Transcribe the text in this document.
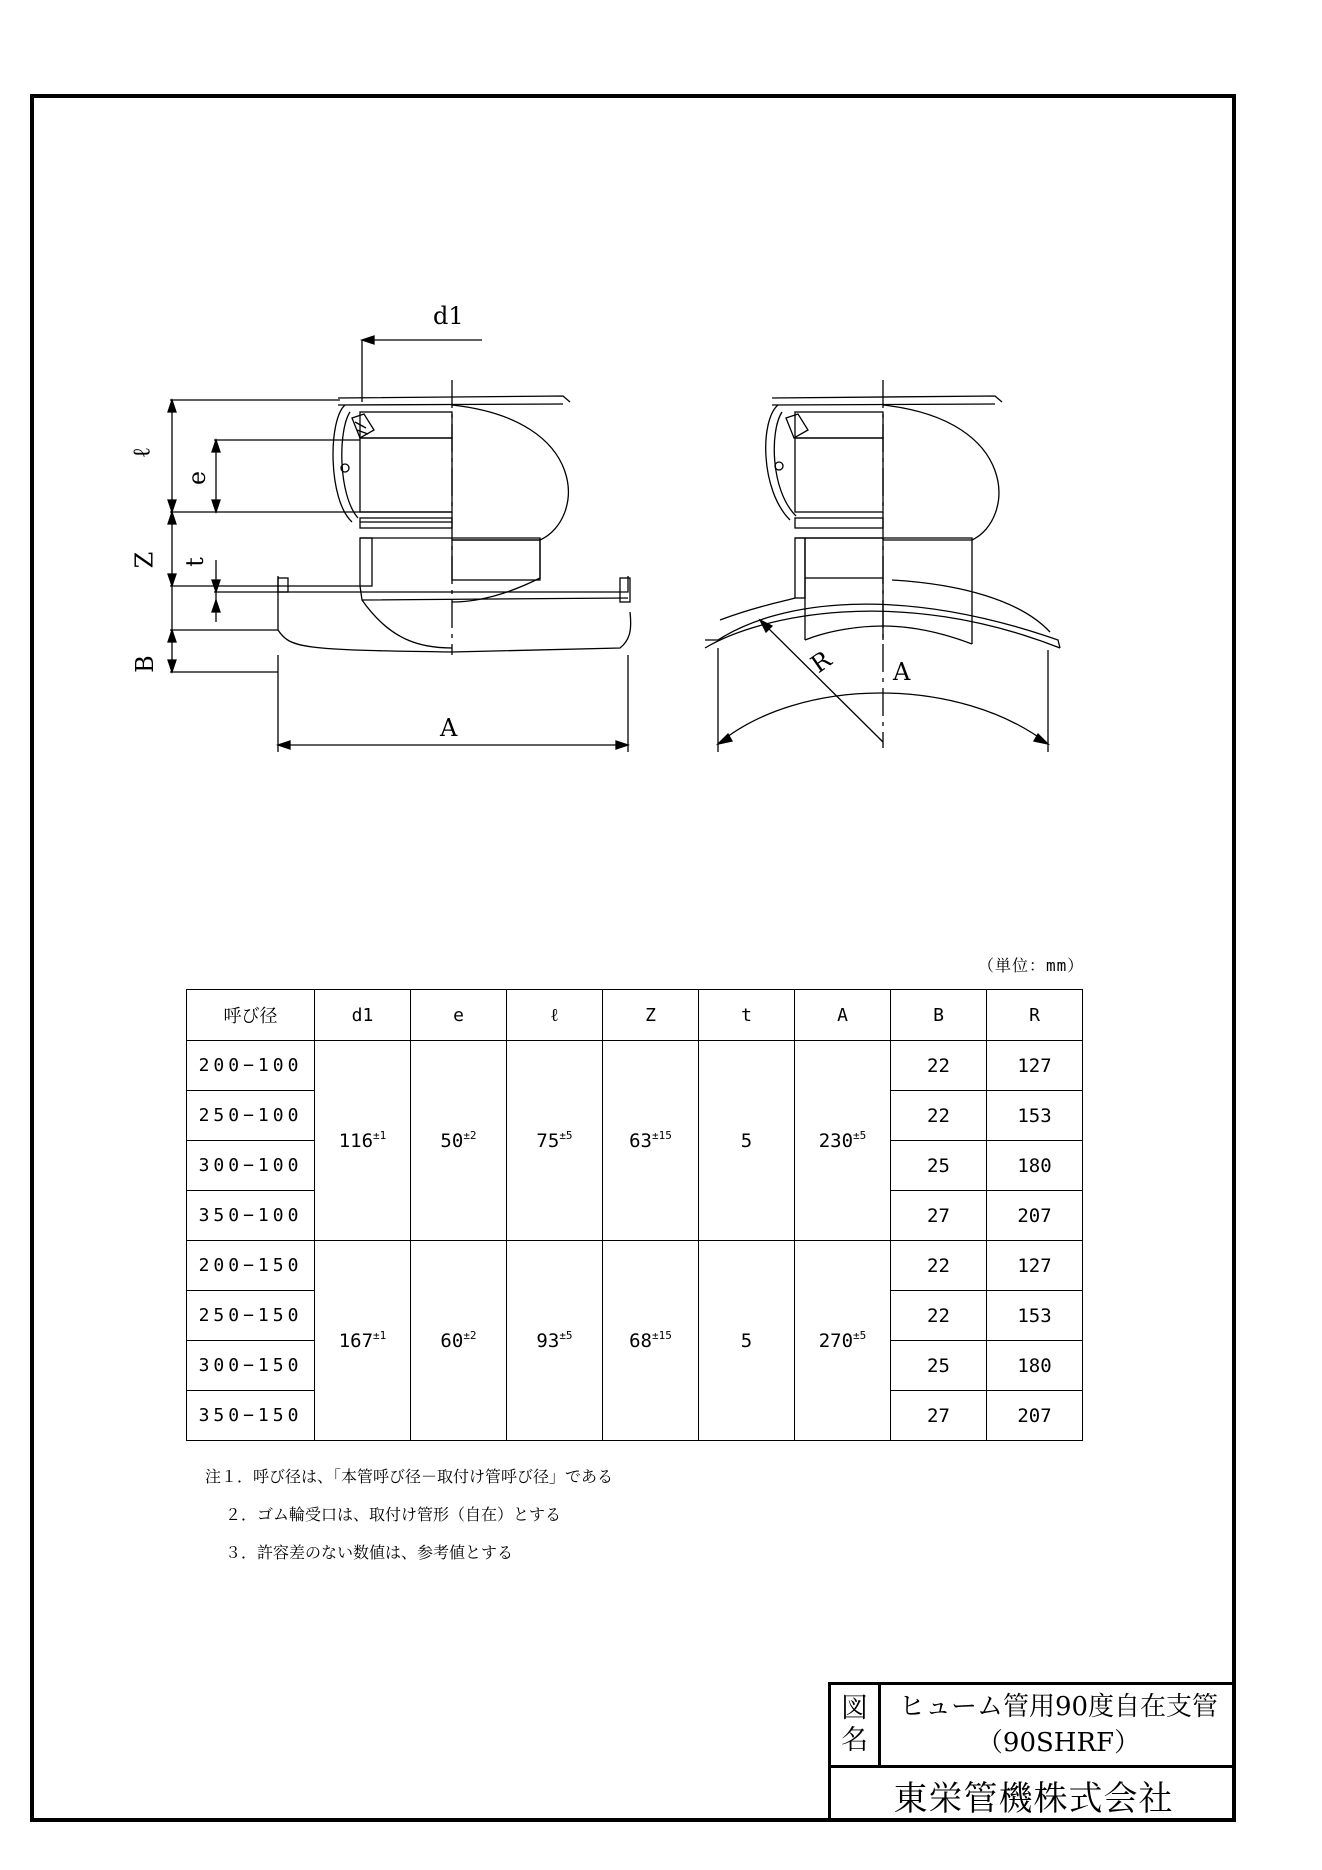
d1
ℓ
e
Z t
B
A
R A
（単位：mm）
呼び径	d1	e	ℓ	Z	t	A	B	R
200−100	$116^{\pm 1}$	$50^{\pm 2}$	$75^{\pm 5}$	$63^{\pm 15}$	5	$230^{\pm 5}$	22	127
250−100							22	153
300−100							25	180
350−100							27	207
200−150	$167^{\pm 1}$	$60^{\pm 2}$	$93^{\pm 5}$	$68^{\pm 15}$	5	$270^{\pm 5}$	22	127
250−150							22	153
300−150							25	180
350−150							27	207
注１．呼び径は、「本管呼び径－取付け管呼び径」である
２．ゴム輪受口は、取付け管形（自在）とする
３．許容差のない数値は、参考値とする
図
名
ヒューム管用90度自在支管
（90SHRF）
東栄管機株式会社
